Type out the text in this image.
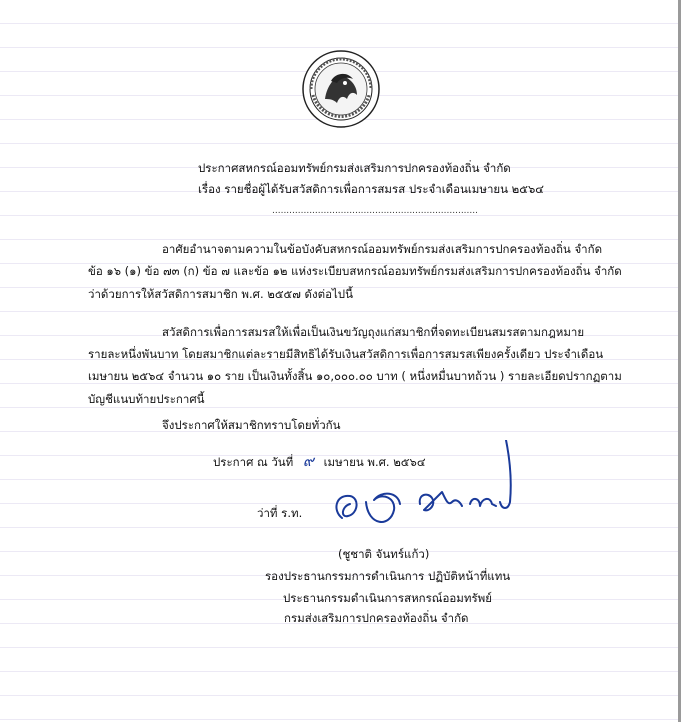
ประกาศสหกรณ์ออมทรัพย์กรมส่งเสริมการปกครองท้องถิ่น จำกัด
เรื่อง รายชื่อผู้ได้รับสวัสดิการเพื่อการสมรส ประจำเดือนเมษายน ๒๕๖๔
........................................................................
อาศัยอำนาจตามความในข้อบังคับสหกรณ์ออมทรัพย์กรมส่งเสริมการปกครองท้องถิ่น จำกัด
ข้อ ๑๖ (๑) ข้อ ๗๓ (ก) ข้อ ๗ และข้อ ๑๒ แห่งระเบียบสหกรณ์ออมทรัพย์กรมส่งเสริมการปกครองท้องถิ่น จำกัด
ว่าด้วยการให้สวัสดิการสมาชิก พ.ศ. ๒๕๕๗ ดังต่อไปนี้
สวัสดิการเพื่อการสมรสให้เพื่อเป็นเงินขวัญถุงแก่สมาชิกที่จดทะเบียนสมรสตามกฎหมาย
รายละหนึ่งพันบาท โดยสมาชิกแต่ละรายมีสิทธิได้รับเงินสวัสดิการเพื่อการสมรสเพียงครั้งเดียว ประจำเดือน
เมษายน ๒๕๖๔ จำนวน ๑๐ ราย เป็นเงินทั้งสิ้น ๑๐,๐๐๐.๐๐ บาท ( หนึ่งหมื่นบาทถ้วน ) รายละเอียดปรากฏตาม
บัญชีแนบท้ายประกาศนี้
จึงประกาศให้สมาชิกทราบโดยทั่วกัน
ประกาศ ณ วันที่ ๙ เมษายน พ.ศ. ๒๕๖๔
ว่าที่ ร.ท.
(ชูชาติ จันทร์แก้ว)
รองประธานกรรมการดำเนินการ ปฏิบัติหน้าที่แทน
ประธานกรรมดำเนินการสหกรณ์ออมทรัพย์
กรมส่งเสริมการปกครองท้องถิ่น จำกัด
